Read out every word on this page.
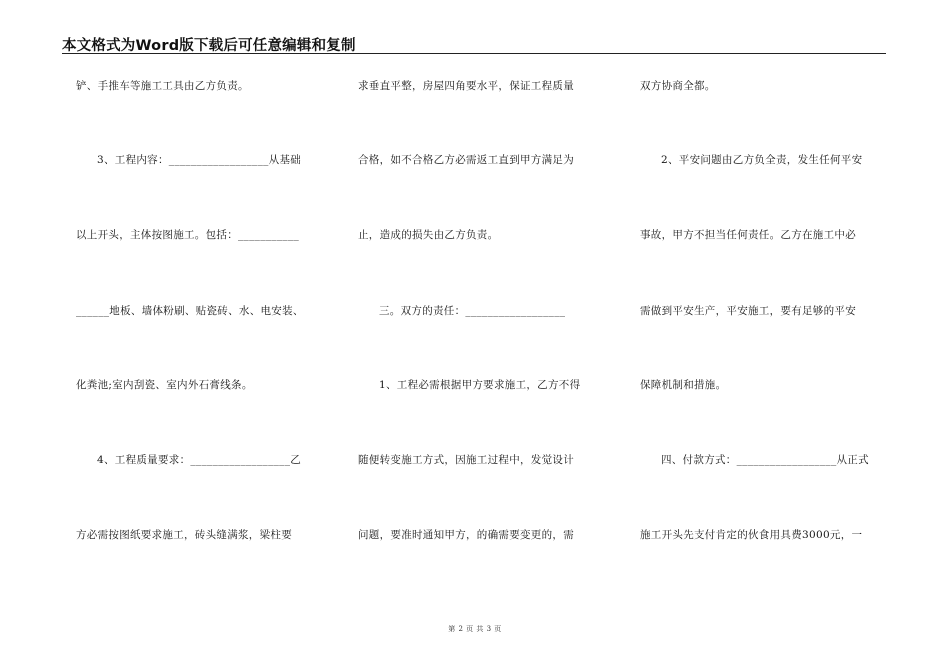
本文格式为Word版下载后可任意编辑和复制
铲、手推车等施工工具由乙方负责。
3、工程内容：__________________从基础
以上开头，主体按图施工。包括：___________
______地板、墙体粉刷、贴瓷砖、水、电安装、
化粪池;室内刮瓷、室内外石膏线条。
4、工程质量要求：__________________乙
方必需按图纸要求施工，砖头缝满浆，梁柱要
求垂直平整，房屋四角要水平，保证工程质量
合格，如不合格乙方必需返工直到甲方满足为
止，造成的损失由乙方负责。
三。双方的责任：__________________
1、工程必需根据甲方要求施工，乙方不得
随便转变施工方式，因施工过程中，发觉设计
问题，要准时通知甲方，的确需要变更的，需
双方协商全都。
2、平安问题由乙方负全责，发生任何平安
事故，甲方不担当任何责任。乙方在施工中必
需做到平安生产，平安施工，要有足够的平安
保障机制和措施。
四、付款方式：__________________从正式
施工开头先支付肯定的伙食用具费3000元，一
第 2 页 共 3 页
